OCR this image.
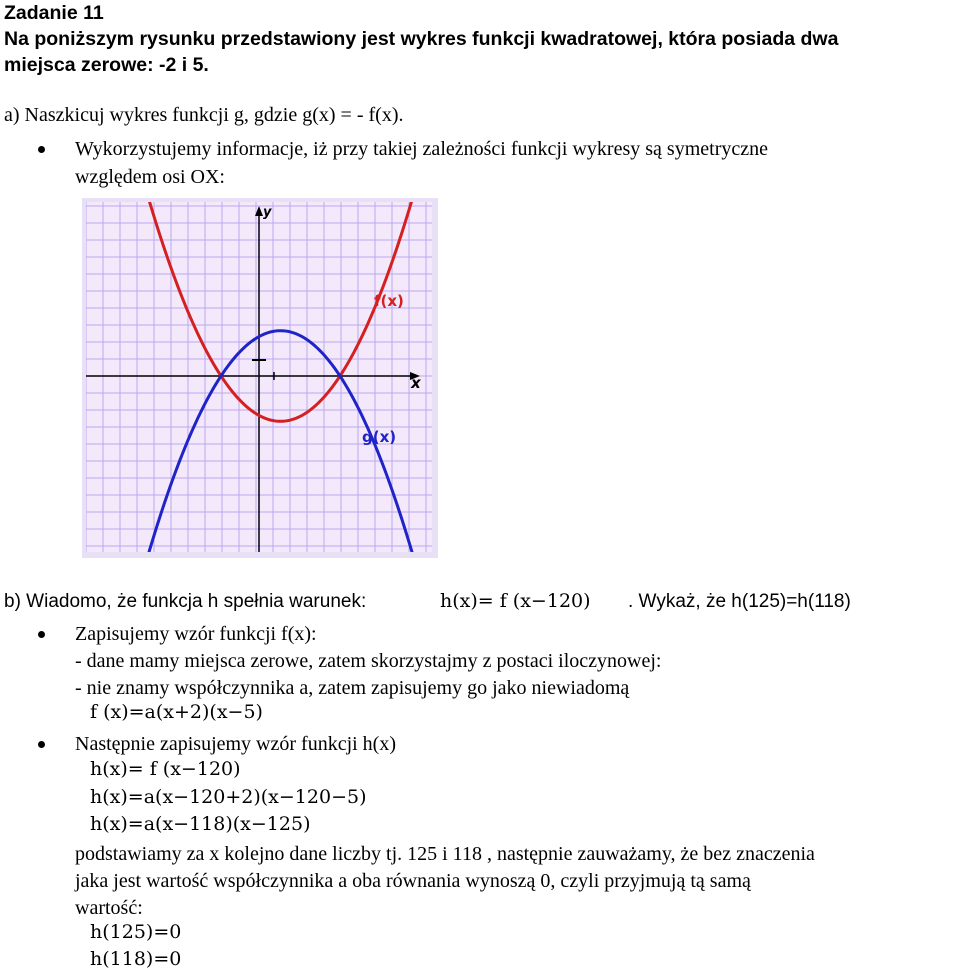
Zadanie 11
Na poniższym rysunku przedstawiony jest wykres funkcji kwadratowej, która posiada dwa
miejsca zerowe: -2 i 5.
a) Naszkicuj wykres funkcji g, gdzie g(x) = - f(x).
Wykorzystujemy informacje, iż przy takiej zależności funkcji wykresy są symetryczne
względem osi OX:
y
x
f(x)
g(x)
b) Wiadomo, że funkcja h spełnia warunek:	h(x)= f (x−120) . Wykaż, że h(125)=h(118)
Zapisujemy wzór funkcji f(x):
- dane mamy miejsca zerowe, zatem skorzystajmy z postaci iloczynowej:
- nie znamy współczynnika a, zatem zapisujemy go jako niewiadomą
f (x)=a(x+2)(x−5)
Następnie zapisujemy wzór funkcji h(x)
h(x)= f (x−120)
h(x)=a(x−120+2)(x−120−5)
h(x)=a(x−118)(x−125)
podstawiamy za x kolejno dane liczby tj. 125 i 118 , następnie zauważamy, że bez znaczenia
jaka jest wartość współczynnika a oba równania wynoszą 0, czyli przyjmują tą samą
wartość:
h(125)=0
h(118)=0
